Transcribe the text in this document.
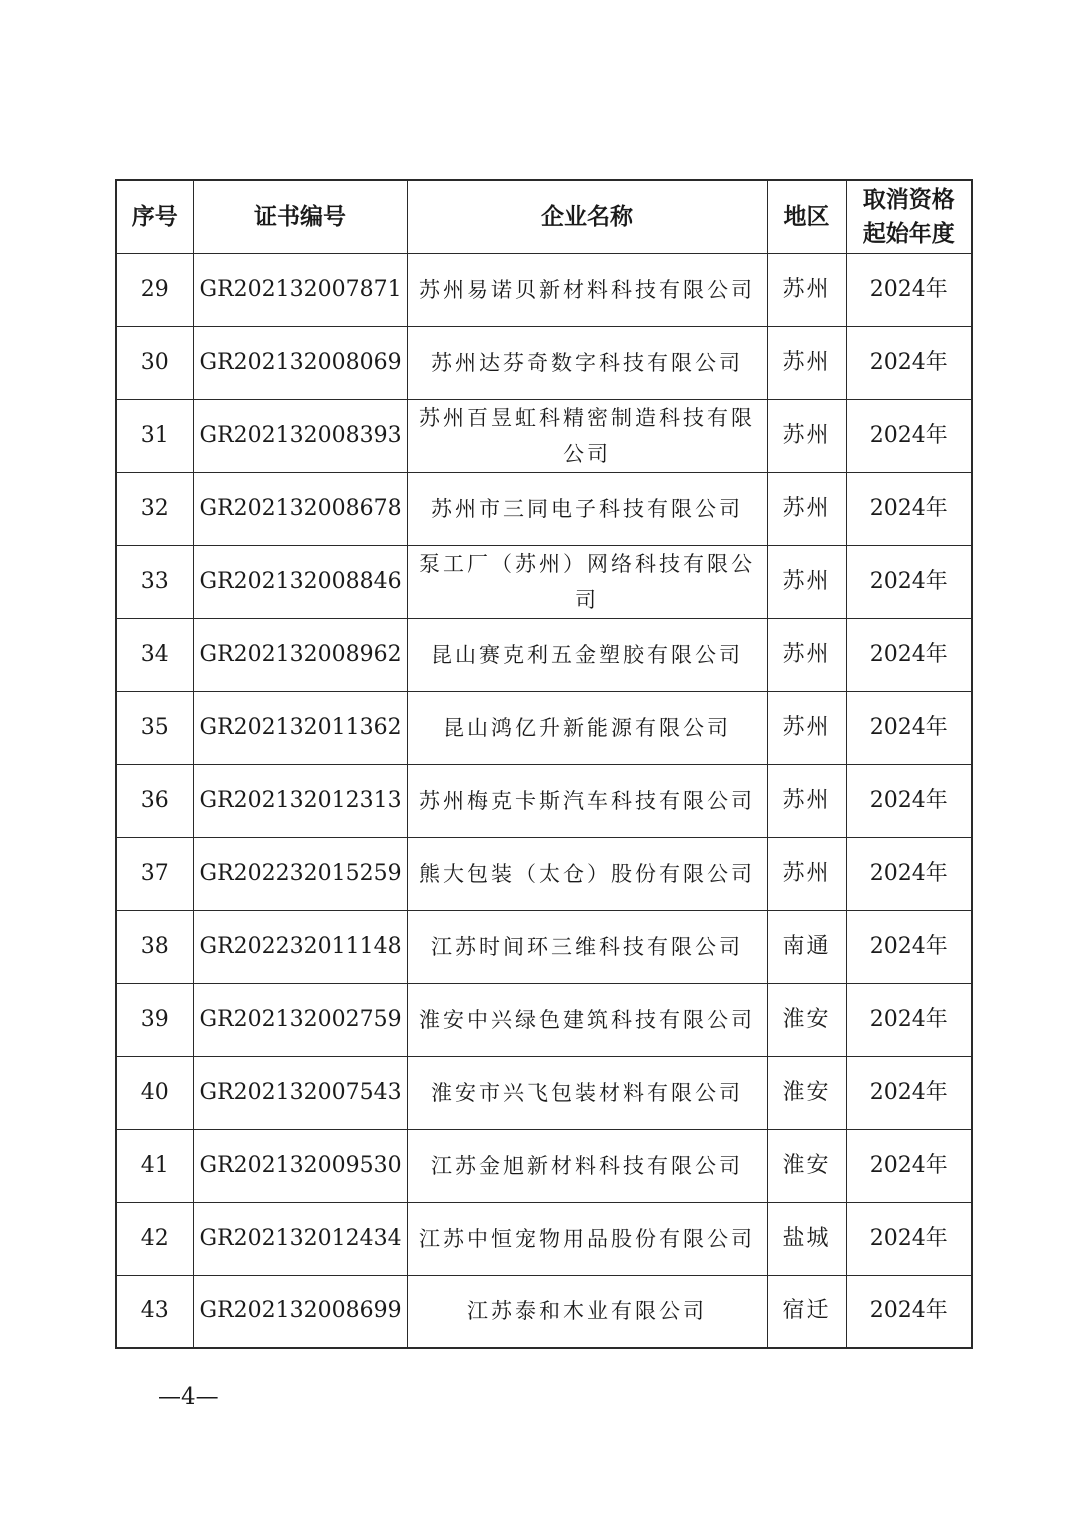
序号	证书编号	企业名称	地区	取消资格
起始年度

29	GR202132007871	苏州易诺贝新材料科技有限公司	苏州	2024年
30	GR202132008069	苏州达芬奇数字科技有限公司	苏州	2024年
31	GR202132008393	苏州百昱虹科精密制造科技有限公司	苏州	2024年
32	GR202132008678	苏州市三同电子科技有限公司	苏州	2024年
33	GR202132008846	泵工厂（苏州）网络科技有限公司	苏州	2024年
34	GR202132008962	昆山赛克利五金塑胶有限公司	苏州	2024年
35	GR202132011362	昆山鸿亿升新能源有限公司	苏州	2024年
36	GR202132012313	苏州梅克卡斯汽车科技有限公司	苏州	2024年
37	GR202232015259	熊大包装（太仓）股份有限公司	苏州	2024年
38	GR202232011148	江苏时间环三维科技有限公司	南通	2024年
39	GR202132002759	淮安中兴绿色建筑科技有限公司	淮安	2024年
40	GR202132007543	淮安市兴飞包装材料有限公司	淮安	2024年
41	GR202132009530	江苏金旭新材料科技有限公司	淮安	2024年
42	GR202132012434	江苏中恒宠物用品股份有限公司	盐城	2024年
43	GR202132008699	江苏泰和木业有限公司	宿迁	2024年
—4—
